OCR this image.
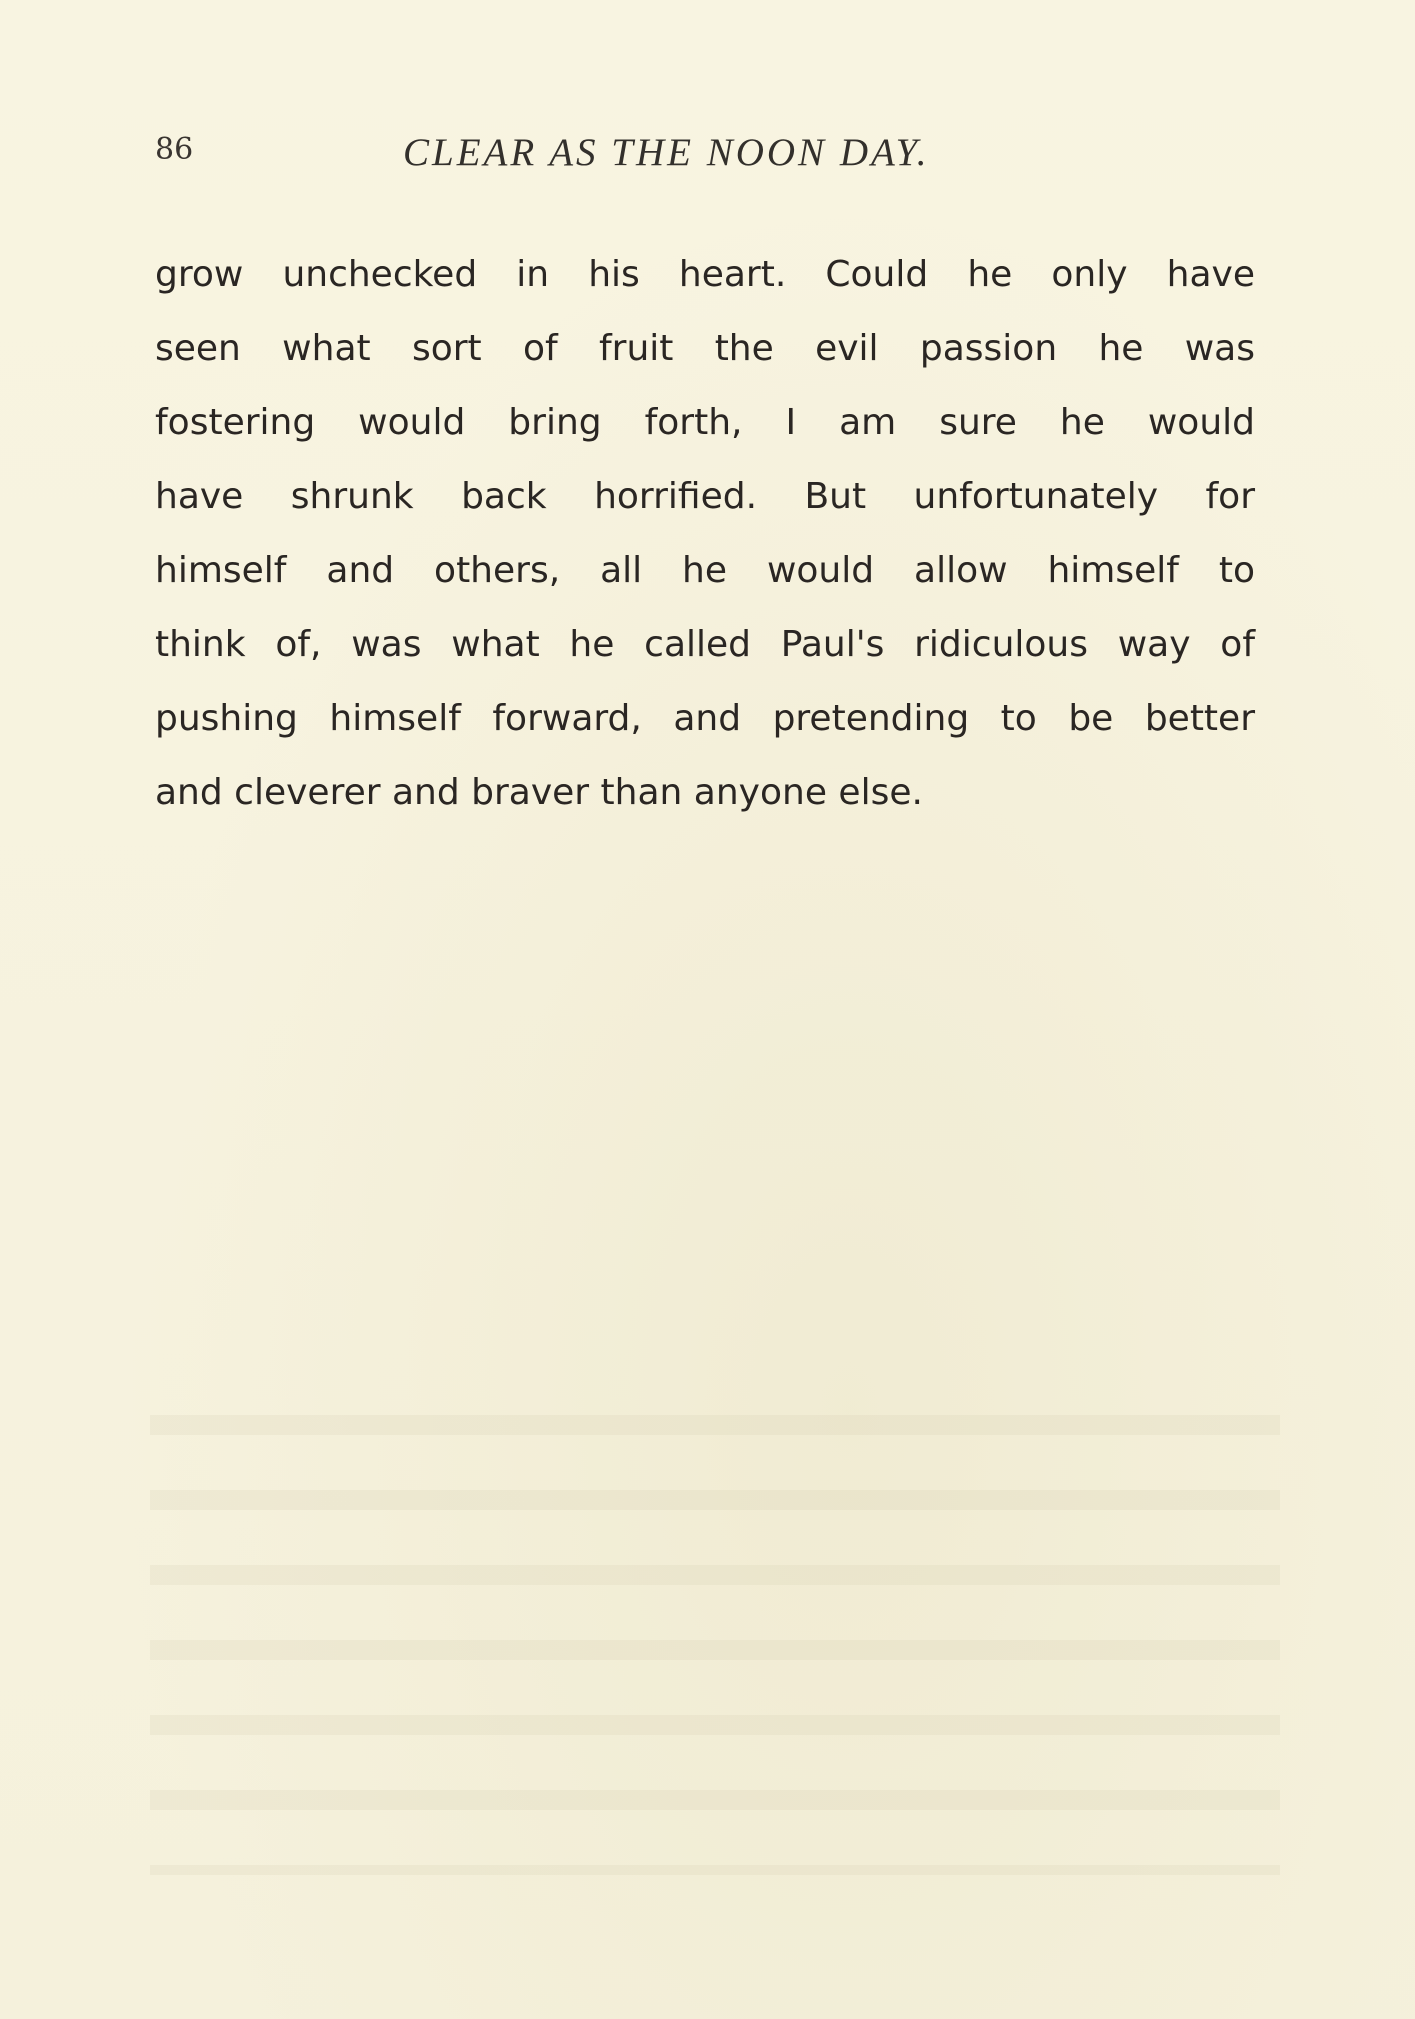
86	CLEAR AS THE NOON DAY.
grow unchecked in his heart. Could he only have
seen what sort of fruit the evil passion he was
fostering would bring forth, I am sure he would
have shrunk back horrified. But unfortunately for
himself and others, all he would allow himself to
think of, was what he called Paul's ridiculous way of
pushing himself forward, and pretending to be better
and cleverer and braver than anyone else.
